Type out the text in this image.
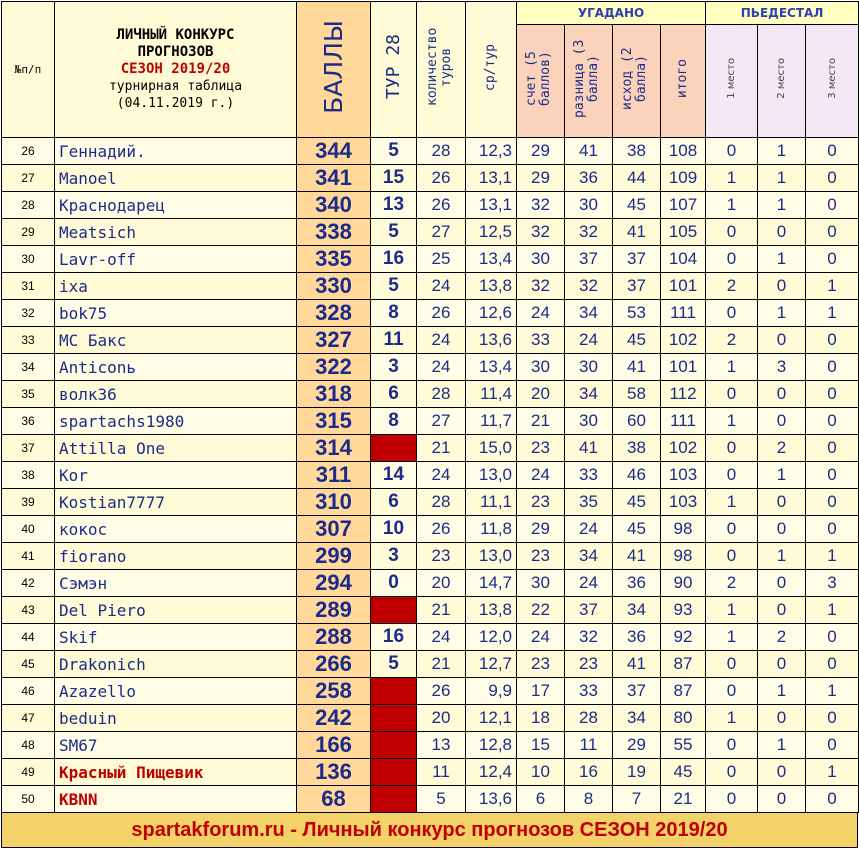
№п/п	ЛИЧНЫЙ КОНКУРС
ПРОГНОЗОВ
СЕЗОН 2019/20
турнирная таблица
(04.11.2019 г.)	БАЛЛЫ	ТУР 28	количество туров	ср/тур	УГАДАНО				ПЬЕДЕСТАЛ		
						счет (5 баллов)	разница (3 балла)	исход (2 балла)	итого	1 место	2 место	3 место
26	Геннадий.	344	5	28	12,3	29	41	38	108	0	1	0
27	Manoel	341	15	26	13,1	29	36	44	109	1	1	0
28	Краснодарец	340	13	26	13,1	32	30	45	107	1	1	0
29	Meatsich	338	5	27	12,5	32	32	41	105	0	0	0
30	Lavr-off	335	16	25	13,4	30	37	37	104	0	1	0
31	ixa	330	5	24	13,8	32	32	37	101	2	0	1
32	bok75	328	8	26	12,6	24	34	53	111	0	1	1
33	МС Бакс	327	11	24	13,6	33	24	45	102	2	0	0
34	Anticonь	322	3	24	13,4	30	30	41	101	1	3	0
35	волк36	318	6	28	11,4	20	34	58	112	0	0	0
36	spartachs1980	315	8	27	11,7	21	30	60	111	1	0	0
37	Attilla One	314		21	15,0	23	41	38	102	0	2	0
38	Kor	311	14	24	13,0	24	33	46	103	0	1	0
39	Kostian7777	310	6	28	11,1	23	35	45	103	1	0	0
40	кокос	307	10	26	11,8	29	24	45	98	0	0	0
41	fiorano	299	3	23	13,0	23	34	41	98	0	1	1
42	Сэмэн	294	0	20	14,7	30	24	36	90	2	0	3
43	Del Piero	289		21	13,8	22	37	34	93	1	0	1
44	Skif	288	16	24	12,0	24	32	36	92	1	2	0
45	Drakonich	266	5	21	12,7	23	23	41	87	0	0	0
46	Azazello	258		26	9,9	17	33	37	87	0	1	1
47	beduin	242		20	12,1	18	28	34	80	1	0	0
48	SM67	166		13	12,8	15	11	29	55	0	1	0
49	Красный Пищевик	136		11	12,4	10	16	19	45	0	0	1
50	KBNN	68		5	13,6	6	8	7	21	0	0	0
spartakforum.ru - Личный конкурс прогнозов СЕЗОН 2019/20
